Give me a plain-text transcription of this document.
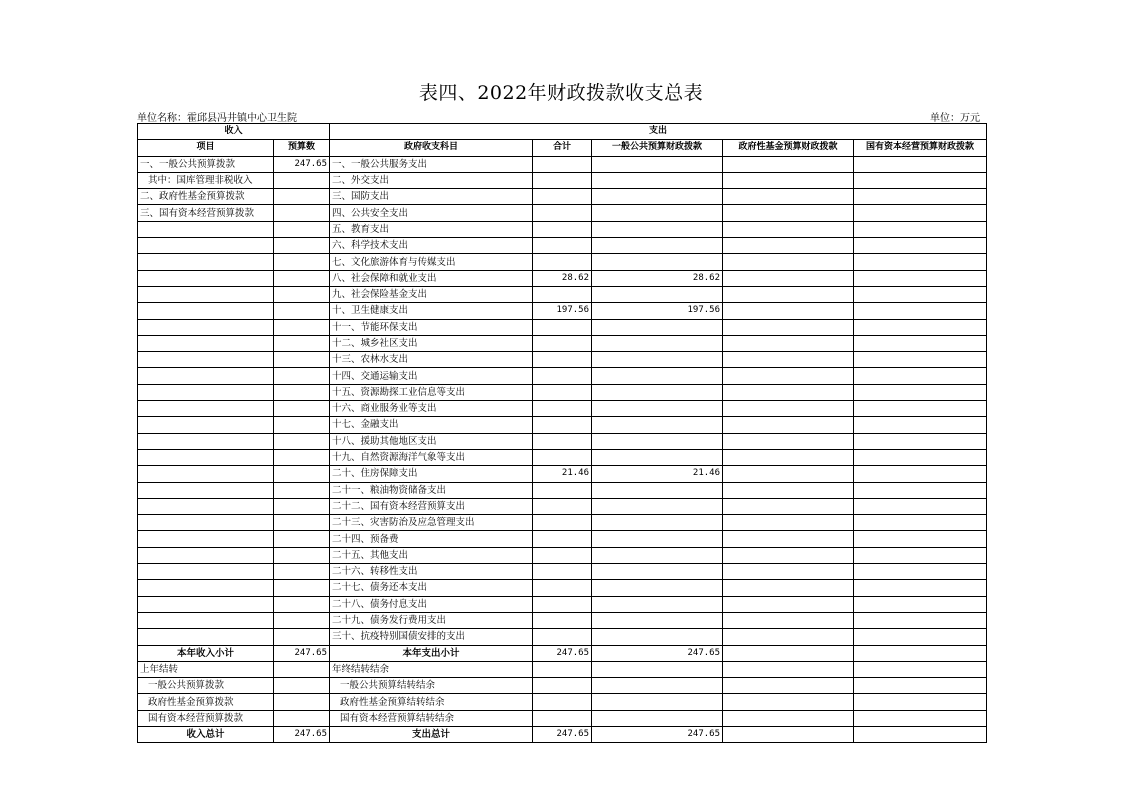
表四、2022年财政拨款收支总表
单位名称：霍邱县冯井镇中心卫生院	单位：万元
收入		支出				
项目	预算数	政府收支科目	合计	一般公共预算财政拨款	政府性基金预算财政拨款	国有资本经营预算财政拨款
一、一般公共预算拨款	247.65	一、一般公共服务支出				
其中：国库管理非税收入		二、外交支出				
二、政府性基金预算拨款		三、国防支出				
三、国有资本经营预算拨款		四、公共安全支出				
		五、教育支出				
		六、科学技术支出				
		七、文化旅游体育与传媒支出				
		八、社会保障和就业支出	28.62	28.62		
		九、社会保险基金支出				
		十、卫生健康支出	197.56	197.56		
		十一、节能环保支出				
		十二、城乡社区支出				
		十三、农林水支出				
		十四、交通运输支出				
		十五、资源勘探工业信息等支出				
		十六、商业服务业等支出				
		十七、金融支出				
		十八、援助其他地区支出				
		十九、自然资源海洋气象等支出				
		二十、住房保障支出	21.46	21.46		
		二十一、粮油物资储备支出				
		二十二、国有资本经营预算支出				
		二十三、灾害防治及应急管理支出				
		二十四、预备费				
		二十五、其他支出				
		二十六、转移性支出				
		二十七、债务还本支出				
		二十八、债务付息支出				
		二十九、债务发行费用支出				
		三十、抗疫特别国债安排的支出				
本年收入小计	247.65	本年支出小计	247.65	247.65		
上年结转		年终结转结余				
一般公共预算拨款		一般公共预算结转结余				
政府性基金预算拨款		政府性基金预算结转结余				
国有资本经营预算拨款		国有资本经营预算结转结余				
收入总计	247.65	支出总计	247.65	247.65		
